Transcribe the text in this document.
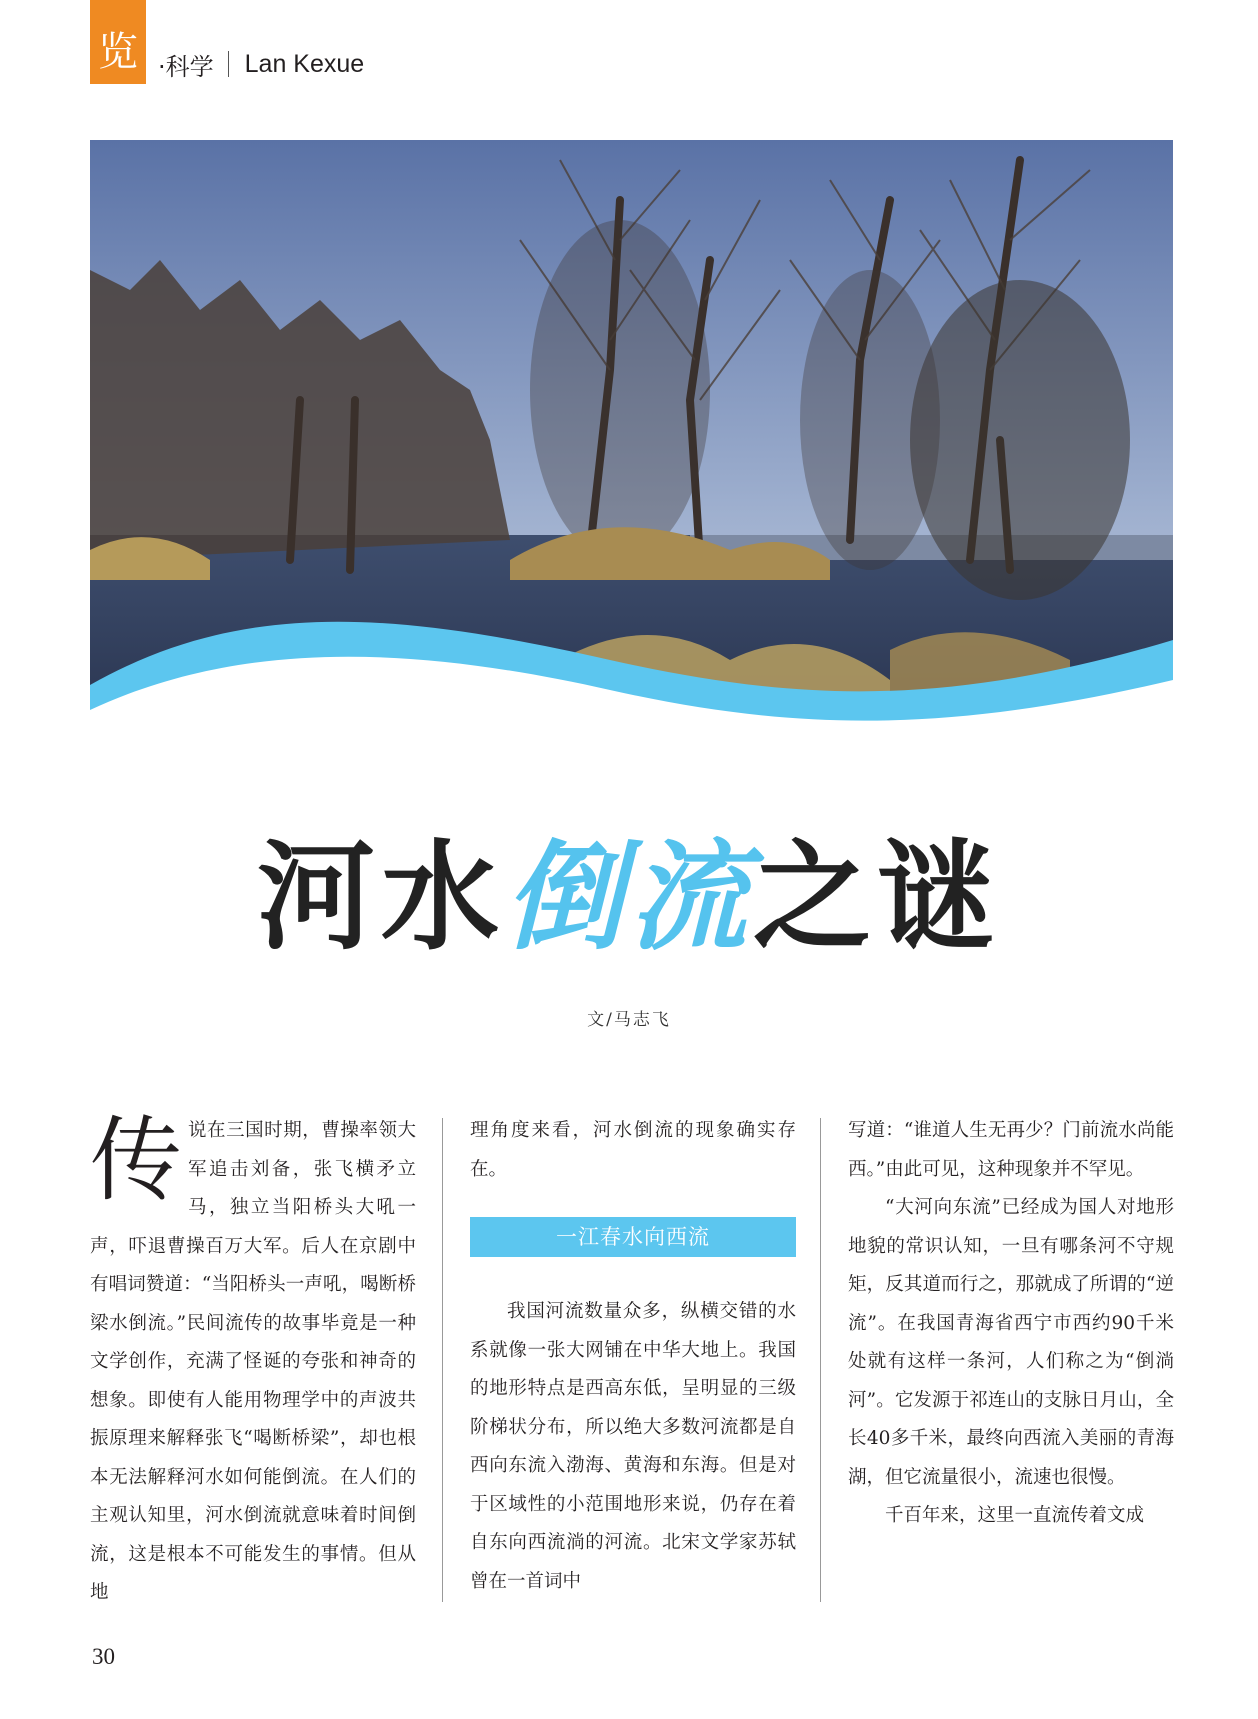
览 ·科学 Lan Kexue
河水倒流之谜
文/马志飞

传说在三国时期，曹操率领大军追击刘备，张飞横矛立马，独立当阳桥头大吼一声，吓退曹操百万大军。后人在京剧中有唱词赞道：“当阳桥头一声吼，喝断桥梁水倒流。”民间流传的故事毕竟是一种文学创作，充满了怪诞的夸张和神奇的想象。即使有人能用物理学中的声波共振原理来解释张飞“喝断桥梁”，却也根本无法解释河水如何能倒流。在人们的主观认知里，河水倒流就意味着时间倒流，这是根本不可能发生的事情。但从地

理角度来看，河水倒流的现象确实存在。

一江春水向西流

我国河流数量众多，纵横交错的水系就像一张大网铺在中华大地上。我国的地形特点是西高东低，呈明显的三级阶梯状分布，所以绝大多数河流都是自西向东流入渤海、黄海和东海。但是对于区域性的小范围地形来说，仍存在着自东向西流淌的河流。北宋文学家苏轼曾在一首词中

写道：“谁道人生无再少？门前流水尚能西。”由此可见，这种现象并不罕见。

“大河向东流”已经成为国人对地形地貌的常识认知，一旦有哪条河不守规矩，反其道而行之，那就成了所谓的“逆流”。在我国青海省西宁市西约90千米处就有这样一条河，人们称之为“倒淌河”。它发源于祁连山的支脉日月山，全长40多千米，最终向西流入美丽的青海湖，但它流量很小，流速也很慢。

千百年来，这里一直流传着文成

30
